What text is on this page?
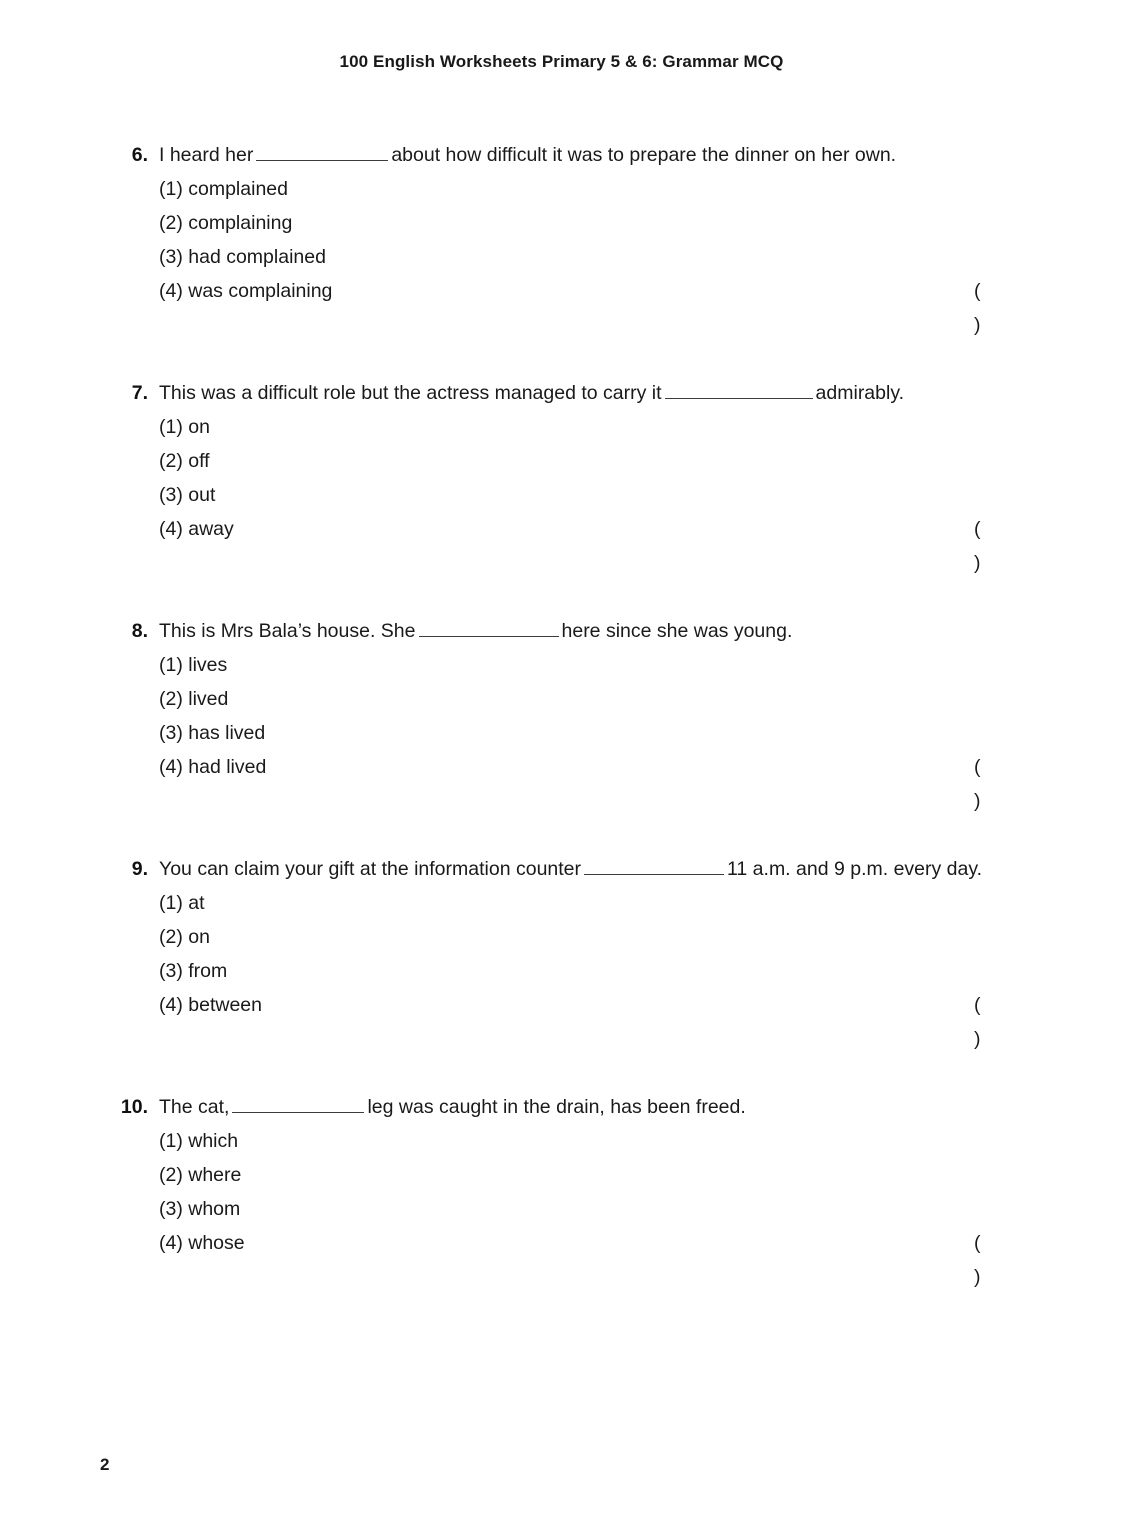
100 English Worksheets Primary 5 & 6: Grammar MCQ
6. I heard her	about how difficult it was to prepare the dinner on her own.
(1) complained
(2) complaining
(3) had complained
(4) was complaining	( )
7. This was a difficult role but the actress managed to carry it	admirably.
(1) on
(2) off
(3) out
(4) away	( )
8. This is Mrs Bala’s house. She	here since she was young.
(1) lives
(2) lived
(3) has lived
(4) had lived	( )
9. You can claim your gift at the information counter	11 a.m. and 9 p.m. every day.
(1) at
(2) on
(3) from
(4) between	( )
10. The cat,	leg was caught in the drain, has been freed.
(1) which
(2) where
(3) whom
(4) whose	( )
2
